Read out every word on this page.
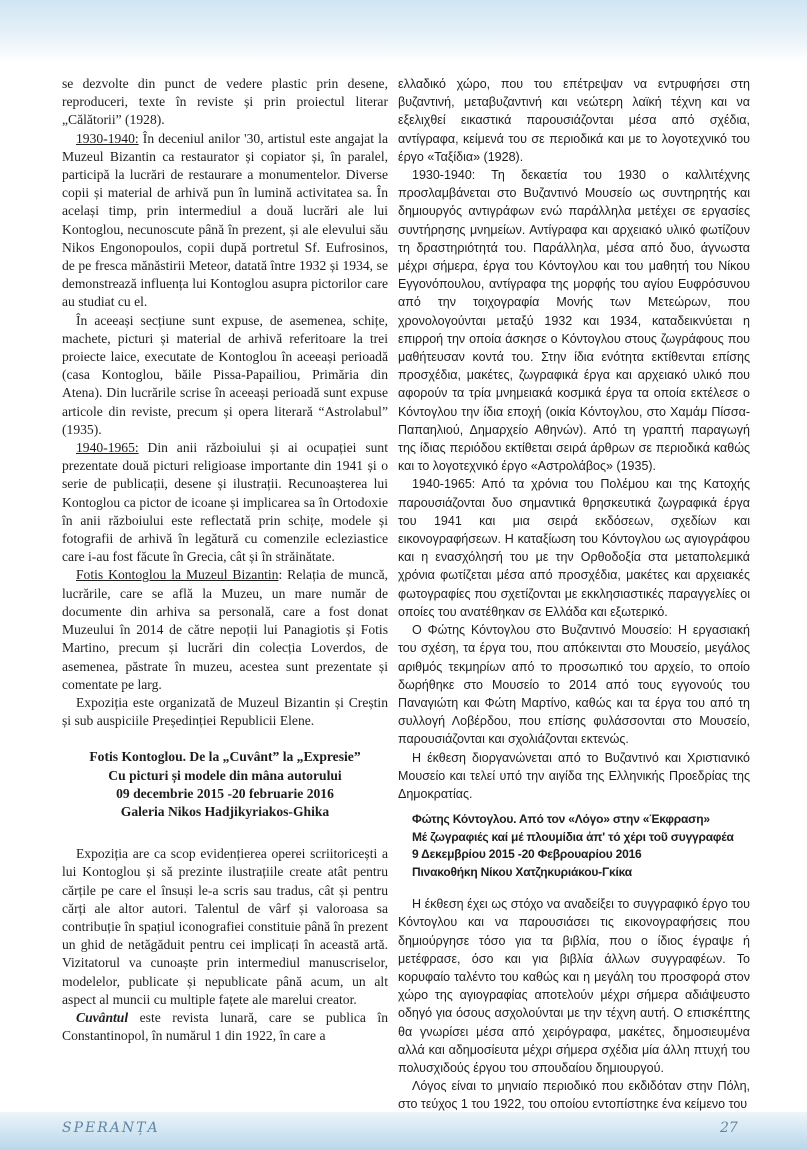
se dezvolte din punct de vedere plastic prin desene, reproduceri, texte în reviste și prin proiectul literar „Călătorii” (1928).

1930-1940: În deceniul anilor '30, artistul este angajat la Muzeul Bizantin ca restaurator și copiator și, în paralel, participă la lucrări de restaurare a monumentelor. Diverse copii și material de arhivă pun în lumină activitatea sa. În același timp, prin intermediul a două lucrări ale lui Kontoglou, necunoscute până în prezent, și ale elevului său Nikos Engonopoulos, copii după portretul Sf. Eufrosinos, de pe fresca mănăstirii Meteor, datată între 1932 și 1934, se demonstrează influența lui Kontoglou asupra pictorilor care au studiat cu el.

În aceeași secțiune sunt expuse, de asemenea, schițe, machete, picturi și material de arhivă referitoare la trei proiecte laice, executate de Kontoglou în aceeași perioadă (casa Kontoglou, băile Pissa-Papailiou, Primăria din Atena). Din lucrările scrise în aceeași perioadă sunt expuse articole din reviste, precum și opera literară “Astrolabul” (1935).

1940-1965: Din anii războiului și ai ocupației sunt prezentate două picturi religioase importante din 1941 și o serie de publicații, desene și ilustrații. Recunoașterea lui Kontoglou ca pictor de icoane și implicarea sa în Ortodoxie în anii războiului este reflectată prin schițe, modele și fotografii de arhivă în legătură cu comenzile ecleziastice care i-au fost făcute în Grecia, cât și în străinătate.

Fotis Kontoglou la Muzeul Bizantin: Relația de muncă, lucrările, care se află la Muzeu, un mare număr de documente din arhiva sa personală, care a fost donat Muzeului în 2014 de către nepoții lui Panagiotis și Fotis Martino, precum și lucrări din colecția Loverdos, de asemenea, păstrate în muzeu, acestea sunt prezentate și comentate pe larg.

Expoziția este organizată de Muzeul Bizantin și Creștin și sub auspiciile Președinției Republicii Elene.

Fotis Kontoglou. De la „Cuvânt” la „Expresie”
Cu picturi și modele din mâna autorului
09 decembrie 2015 -20 februarie 2016
Galeria Nikos Hadjikyriakos-Ghika

Expoziția are ca scop evidențierea operei scriitoricești a lui Kontoglou și să prezinte ilustrațiile create atât pentru cărțile pe care el însuși le-a scris sau tradus, cât și pentru cărți ale altor autori. Talentul de vârf și valoroasa sa contribuție în spațiul iconografiei constituie până în prezent un ghid de netăgăduit pentru cei implicați în această artă. Vizitatorul va cunoaște prin intermediul manuscriselor, modelelor, publicate și nepublicate până acum, un alt aspect al muncii cu multiple fațete ale marelui creator.

Cuvântul este revista lunară, care se publica în Constantinopol, în numărul 1 din 1922, în care a

ελλαδικό χώρο, που του επέτρεψαν να εντρυφήσει στη βυζαντινή, μεταβυζαντινή και νεώτερη λαϊκή τέχνη και να εξελιχθεί εικαστικά παρουσιάζονται μέσα από σχέδια, αντίγραφα, κείμενά του σε περιοδικά και με το λογοτεχνικό του έργο «Ταξίδια» (1928).

1930-1940: Τη δεκαετία του 1930 ο καλλιτέχνης προσλαμβάνεται στο Βυζαντινό Μουσείο ως συντηρητής και δημιουργός αντιγράφων ενώ παράλληλα μετέχει σε εργασίες συντήρησης μνημείων. Αντίγραφα και αρχειακό υλικό φωτίζουν τη δραστηριότητά του. Παράλληλα, μέσα από δυο, άγνωστα μέχρι σήμερα, έργα του Κόντογλου και του μαθητή του Νίκου Εγγονόπουλου, αντίγραφα της μορφής του αγίου Ευφρόσυνου από την τοιχογραφία Μονής των Μετεώρων, που χρονολογούνται μεταξύ 1932 και 1934, καταδεικνύεται η επιρροή την οποία άσκησε ο Κόντογλου στους ζωγράφους που μαθήτευσαν κοντά του. Στην ίδια ενότητα εκτίθενται επίσης προσχέδια, μακέτες, ζωγραφικά έργα και αρχειακό υλικό που αφορούν τα τρία μνημειακά κοσμικά έργα τα οποία εκτέλεσε ο Κόντογλου την ίδια εποχή (οικία Κόντογλου, στο Χαμάμ Πίσσα-Παπαηλιού, Δημαρχείο Αθηνών). Από τη γραπτή παραγωγή της ίδιας περιόδου εκτίθεται σειρά άρθρων σε περιοδικά καθώς και το λογοτεχνικό έργο «Αστρολάβος» (1935).

1940-1965: Από τα χρόνια του Πολέμου και της Κατοχής παρουσιάζονται δυο σημαντικά θρησκευτικά ζωγραφικά έργα του 1941 και μια σειρά εκδόσεων, σχεδίων και εικονογραφήσεων. Η καταξίωση του Κόντογλου ως αγιογράφου και η ενασχόλησή του με την Ορθοδοξία στα μεταπολεμικά χρόνια φωτίζεται μέσα από προσχέδια, μακέτες και αρχειακές φωτογραφίες που σχετίζονται με εκκλησιαστικές παραγγελίες οι οποίες του ανατέθηκαν σε Ελλάδα και εξωτερικό.

Ο Φώτης Κόντογλου στο Βυζαντινό Μουσείο: Η εργασιακή του σχέση, τα έργα του, που απόκεινται στο Μουσείο, μεγάλος αριθμός τεκμηρίων από το προσωπικό του αρχείο, το οποίο δωρήθηκε στο Μουσείο το 2014 από τους εγγονούς του Παναγιώτη και Φώτη Μαρτίνο, καθώς και τα έργα του από τη συλλογή Λοβέρδου, που επίσης φυλάσσονται στο Μουσείο, παρουσιάζονται και σχολιάζονται εκτενώς.

Η έκθεση διοργανώνεται από το Βυζαντινό και Χριστιανικό Μουσείο και τελεί υπό την αιγίδα της Ελληνικής Προεδρίας της Δημοκρατίας.

Φώτης Κόντογλου. Από τον «Λόγο» στην «Έκφραση»
Μέ ζωγραφιές καί μέ πλουμίδια ἀπ' τό χέρι τοῦ συγγραφέα
9 Δεκεμβρίου 2015 -20 Φεβρουαρίου 2016
Πινακοθήκη Νίκου Χατζηκυριάκου-Γκίκα

Η έκθεση έχει ως στόχο να αναδείξει το συγγραφικό έργο του Κόντογλου και να παρουσιάσει τις εικονογραφήσεις που δημιούργησε τόσο για τα βιβλία, που ο ίδιος έγραψε ή μετέφρασε, όσο και για βιβλία άλλων συγγραφέων. Το κορυφαίο ταλέντο του καθώς και η μεγάλη του προσφορά στον χώρο της αγιογραφίας αποτελούν μέχρι σήμερα αδιάψευστο οδηγό για όσους ασχολούνται με την τέχνη αυτή. Ο επισκέπτης θα γνωρίσει μέσα από χειρόγραφα, μακέτες, δημοσιευμένα αλλά και αδημοσίευτα μέχρι σήμερα σχέδια μία άλλη πτυχή του πολυσχιδούς έργου του σπουδαίου δημιουργού.

Λόγος είναι το μηνιαίο περιοδικό που εκδιδόταν στην Πόλη, στο τεύχος 1 του 1922, του οποίου εντοπίστηκε ένα κείμενο του

SPERANȚA	27
